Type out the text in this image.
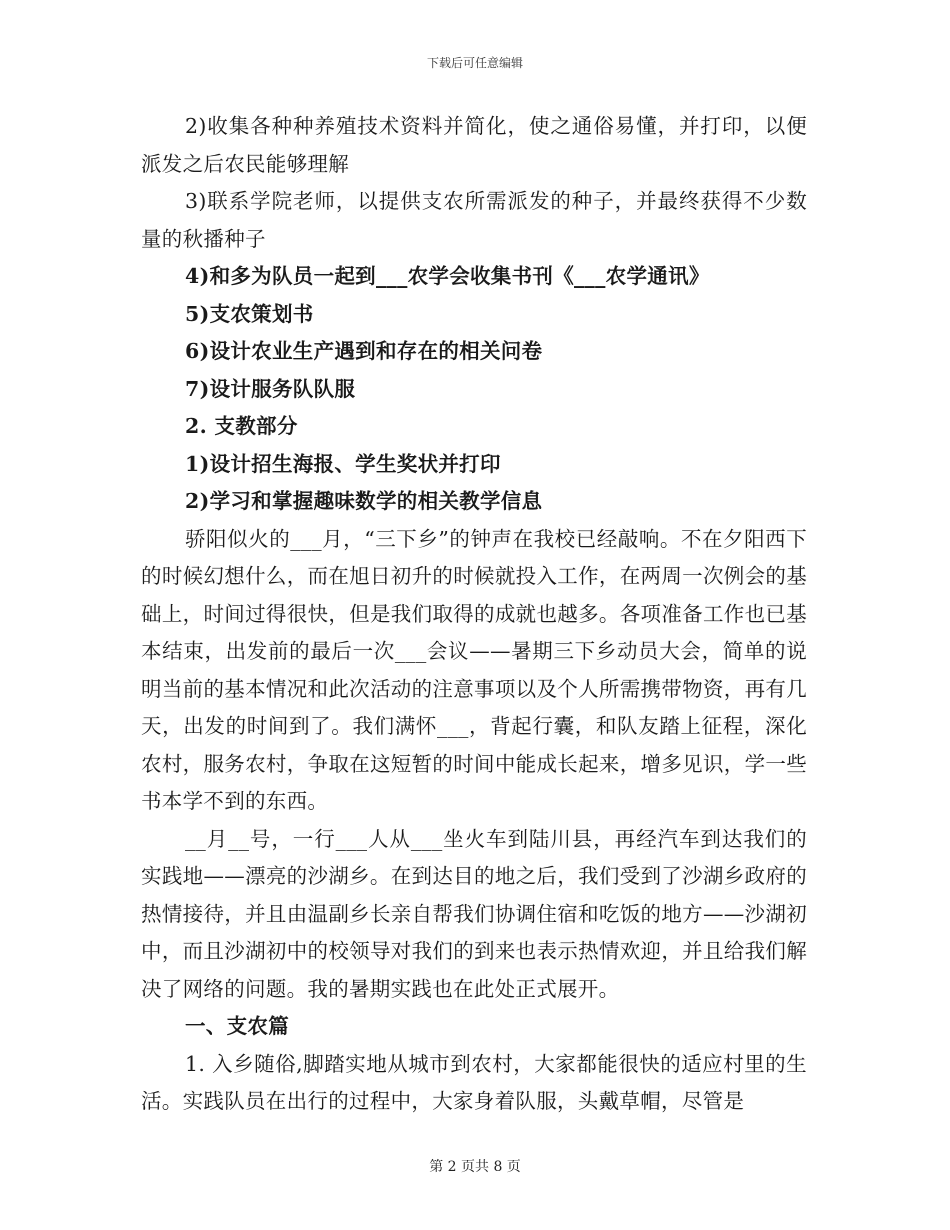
下载后可任意编辑

2)收集各种种养殖技术资料并简化，使之通俗易懂，并打印，以便派发之后农民能够理解

3)联系学院老师，以提供支农所需派发的种子，并最终获得不少数量的秋播种子

4)和多为队员一起到___农学会收集书刊《___农学通讯》

5)支农策划书

6)设计农业生产遇到和存在的相关问卷

7)设计服务队队服

2. 支教部分

1)设计招生海报、学生奖状并打印

2)学习和掌握趣味数学的相关教学信息

骄阳似火的___月，“三下乡”的钟声在我校已经敲响。不在夕阳西下的时候幻想什么，而在旭日初升的时候就投入工作，在两周一次例会的基础上，时间过得很快，但是我们取得的成就也越多。各项准备工作也已基本结束，出发前的最后一次___会议——暑期三下乡动员大会，简单的说明当前的基本情况和此次活动的注意事项以及个人所需携带物资，再有几天，出发的时间到了。我们满怀___，背起行囊，和队友踏上征程，深化农村，服务农村，争取在这短暂的时间中能成长起来，增多见识，学一些书本学不到的东西。

__月__号，一行___人从___坐火车到陆川县，再经汽车到达我们的实践地——漂亮的沙湖乡。在到达目的地之后，我们受到了沙湖乡政府的热情接待，并且由温副乡长亲自帮我们协调住宿和吃饭的地方——沙湖初中，而且沙湖初中的校领导对我们的到来也表示热情欢迎，并且给我们解决了网络的问题。我的暑期实践也在此处正式展开。

一、支农篇

1. 入乡随俗,脚踏实地从城市到农村，大家都能很快的适应村里的生活。实践队员在出行的过程中，大家身着队服，头戴草帽，尽管是

第 2 页共 8 页
